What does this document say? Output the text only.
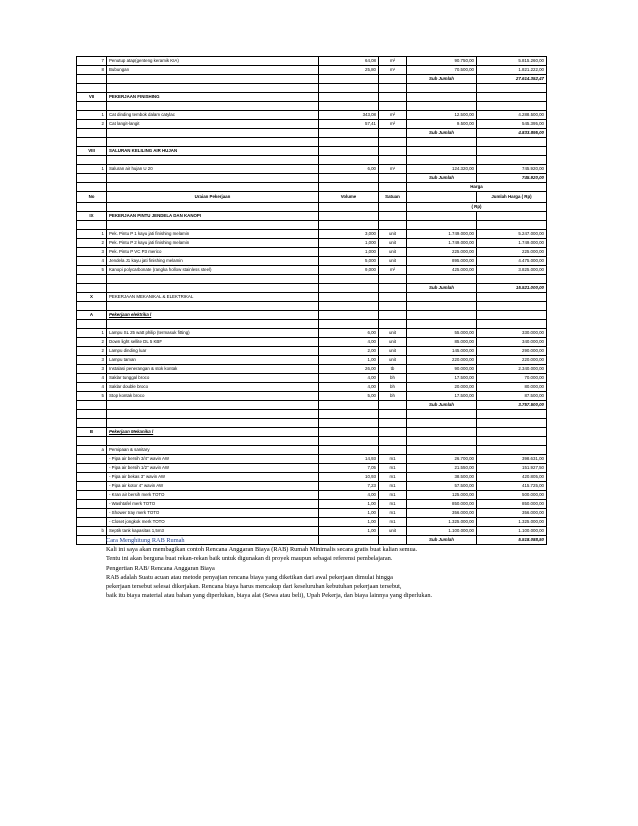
7	Penutup atap(genteng keramik KIA)	64,08	m²	90.750,00	5.815.260,00
8	Bubungan	25,80	m¹	70.500,00	1.821.222,00
				Sub Jumlah	27.614.352,47

VII	PEKERJAAN FINISHING				

1	Cat dinding tembok dalam catylac	343,08	m²	12.500,00	4.288.500,00
2	Cat langit-langit	57,41	m²	9.500,00	545.395,00
				Sub Jumlah	4.833.895,00

VIII	SALURAN KELILING AIR HUJAN				

1	Saluran air hujan U 20	6,00	m¹	124.320,00	745.920,00
				Sub Jumlah	745.920,00
				Harga	
No	Uraian Pekerjaan	Volume	Satuan		Jumlah Harga ( Rp)
				( Rp)	
IX	PEKERJAAN PINTU JENDELA DAN KANOPI				

1	Pek. Pintu P 1 kayu jati finishing melamin	3,000	unit	1.749.000,00	5.247.000,00
2	Pek. Pintu P 2 kayu jati finishing melamin	1,000	unit	1.749.000,00	1.749.000,00
3	Pek. Pintu P VC P3 merico	1,000	unit	225.000,00	225.000,00
4	Jendela J1 kayu jati finishing melamin	5,000	unit	895.000,00	4.475.000,00
5	Kanopi polycarbonate (rangka hollow stainless steel)	9,000	m²	425.000,00	3.825.000,00

				Sub Jumlah	15.521.000,00
X	PEKERJAAN MEKANIKAL & ELEKTRIKAL				

A	Pekerjaan elektrika l				

1	Lampu SL 25 watt philip (termasuk fitting)	6,00	unit	55.000,00	330.000,00
2	Down light sellite DL 5 KBF	4,00	unit	85.000,00	340.000,00
2	Lampu dinding luar	2,00	unit	145.000,00	290.000,00
3	Lampu taman	1,00	unit	220.000,00	220.000,00
3	Instalasi penerangan & stok kontak	26,00	tb	90.000,00	2.340.000,00
4	Saklar tunggal broco	4,00	bh	17.500,00	70.000,00
4	Saklar double broco	4,00	bh	20.000,00	80.000,00
5	Stop kontak broco	5,00	bh	17.500,00	87.500,00
				Sub Jumlah	3.757.500,00

B	Pekerjaan Mekanika l				

a	Pemipaan & sanitary				
	- Pipa air bersih 3/4" wavin AW	14,93	m1	26.700,00	398.631,00
	- Pipa air bersih 1/2" wavin AW	7,05	m1	21.550,00	151.927,50
	- Pipa air bekas 3" wavin AW	10,93	m1	38.500,00	420.805,00
	- Pipa air kotor 4" wavin AW	7,23	m1	57.500,00	415.725,00
	- Kran air bersih merk TOTO	4,00	m1	125.000,00	500.000,00
	- Washtafel merk TOTO	1,00	m1	850.000,00	850.000,00
	- Shower tray merk TOTO	1,00	m1	356.000,00	356.000,00
	- Closet jongkok merk TOTO	1,00	m1	1.325.000,00	1.325.000,00
b	Septik tank kapasitas 1,5m3	1,00	unit	1.100.000,00	1.100.000,00
				Sub Jumlah	5.518.088,50

Cara Menghitung RAB Rumah

Kali ini saya akan membagikan contoh Rencana Anggaran Biaya (RAB) Rumah Minimalis secara gratis buat kalian semua.

Tentu ini akan berguna buat rekan-rekan baik untuk digunakan di proyek maupun sebagai referensi pembelajaran.

Pengertian RAB/ Rencana Anggaran Biaya

RAB adalah Suatu acuan atau metode penyajian rencana biaya yang diketikan dari awal pekerjaan dimulai hingga

pekerjaan tersebut selesai dikerjakan. Rencana biaya harus mencakup dari keseluruhan kebutuhan pekerjaan tersebut,

baik itu biaya material atau bahan yang diperlukan, biaya alat (Sewa atau beli), Upah Pekerja, dan biaya lainnya yang diperlukan.
